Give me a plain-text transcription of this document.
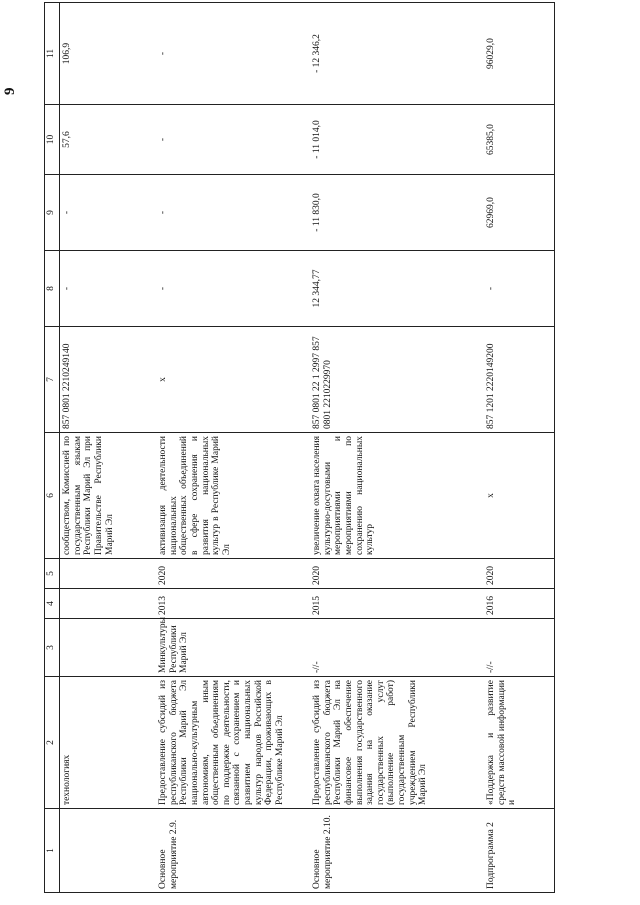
9
1	2	3	4	5	6	7	8	9	10	11
	технологиях				сообществом, Комиссией по государственным языкам Республики Марий Эл при Правительстве Республики Марий Эл	857 0801 2210249140	-	-	57,6	106,9
Основное мероприятие 2.9.	Предоставление субсидий из республиканского бюджета Республики Марий Эл национально-культурным автономиям, иным общественным объединениям по поддержке деятельности, связанной с сохранением и развитием национальных культур народов Российской Федерации, проживающих в Республике Марий Эл	Минкультуры Республики Марий Эл	2013	2020	активизация деятельности национальных общественных объединений в сфере сохранения и развития национальных культур в Республике Марий Эл	x	-	-	-	-
Основное мероприятие 2.10.	Предоставление субсидий из республиканского бюджета Республики Марий Эл на финансовое обеспечение выполнения государственного задания на оказание государственных услуг (выполнение работ) государственным учреждением Республики Марий Эл	-//-	2015	2020	увеличение охвата населения культурно-досуговыми мероприятиями и мероприятиями по сохранению национальных культур	857 0801 22 1 2997 857 0801 2210229970	12 344,77	- 11 830,0	- 11 014,0	- 12 346,2
Подпрограмма 2	«Поддержка и развитие средств массовой информации и	-//-	2016	2020	x	857 1201 2220149200	-	62969,0	65385,0	96029,0
